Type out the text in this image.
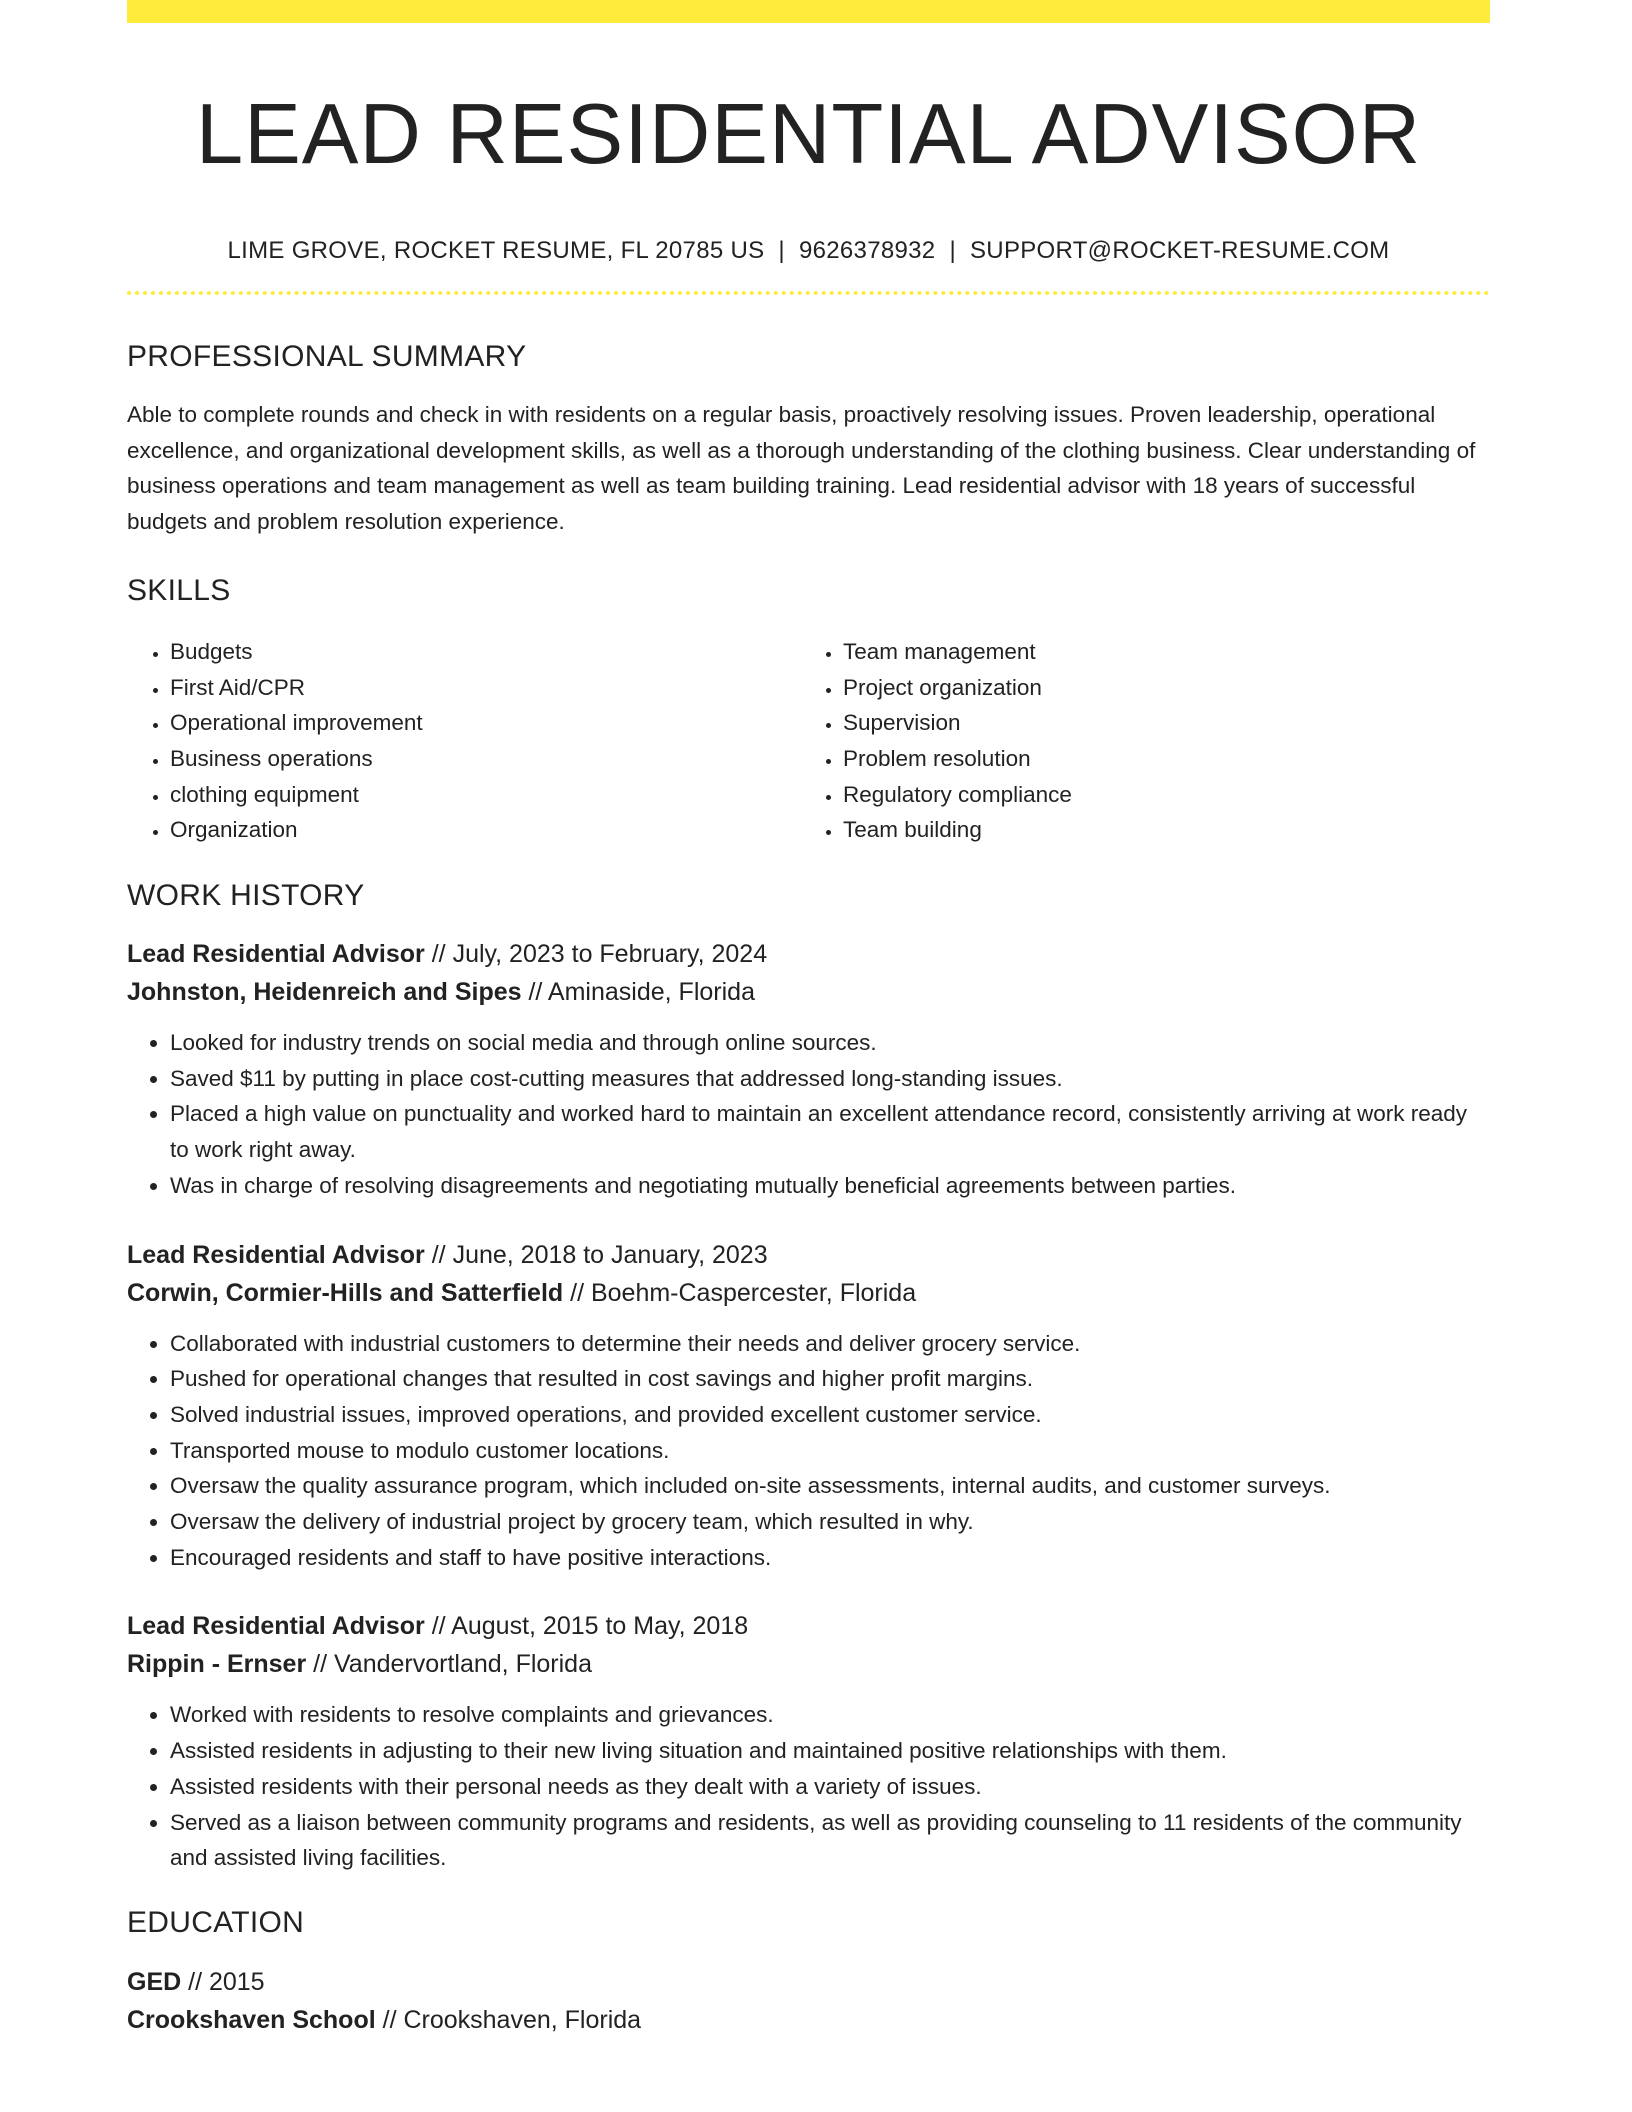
LEAD RESIDENTIAL ADVISOR
LIME GROVE, ROCKET RESUME, FL 20785 US | 9626378932 | SUPPORT@ROCKET-RESUME.COM
PROFESSIONAL SUMMARY

Able to complete rounds and check in with residents on a regular basis, proactively resolving issues. Proven leadership, operational excellence, and organizational development skills, as well as a thorough understanding of the clothing business. Clear understanding of business operations and team management as well as team building training. Lead residential advisor with 18 years of successful budgets and problem resolution experience.

SKILLS
• Budgets
• First Aid/CPR
• Operational improvement
• Business operations
• clothing equipment
• Organization
• Team management
• Project organization
• Supervision
• Problem resolution
• Regulatory compliance
• Team building
WORK HISTORY
Lead Residential Advisor // July, 2023 to February, 2024
Johnston, Heidenreich and Sipes // Aminaside, Florida
• Looked for industry trends on social media and through online sources.
• Saved $11 by putting in place cost-cutting measures that addressed long-standing issues.
• Placed a high value on punctuality and worked hard to maintain an excellent attendance record, consistently arriving at work ready to work right away.
• Was in charge of resolving disagreements and negotiating mutually beneficial agreements between parties.
Lead Residential Advisor // June, 2018 to January, 2023
Corwin, Cormier-Hills and Satterfield // Boehm-Caspercester, Florida
• Collaborated with industrial customers to determine their needs and deliver grocery service.
• Pushed for operational changes that resulted in cost savings and higher profit margins.
• Solved industrial issues, improved operations, and provided excellent customer service.
• Transported mouse to modulo customer locations.
• Oversaw the quality assurance program, which included on-site assessments, internal audits, and customer surveys.
• Oversaw the delivery of industrial project by grocery team, which resulted in why.
• Encouraged residents and staff to have positive interactions.
Lead Residential Advisor // August, 2015 to May, 2018
Rippin - Ernser // Vandervortland, Florida
• Worked with residents to resolve complaints and grievances.
• Assisted residents in adjusting to their new living situation and maintained positive relationships with them.
• Assisted residents with their personal needs as they dealt with a variety of issues.
• Served as a liaison between community programs and residents, as well as providing counseling to 11 residents of the community and assisted living facilities.
EDUCATION
GED // 2015
Crookshaven School // Crookshaven, Florida
